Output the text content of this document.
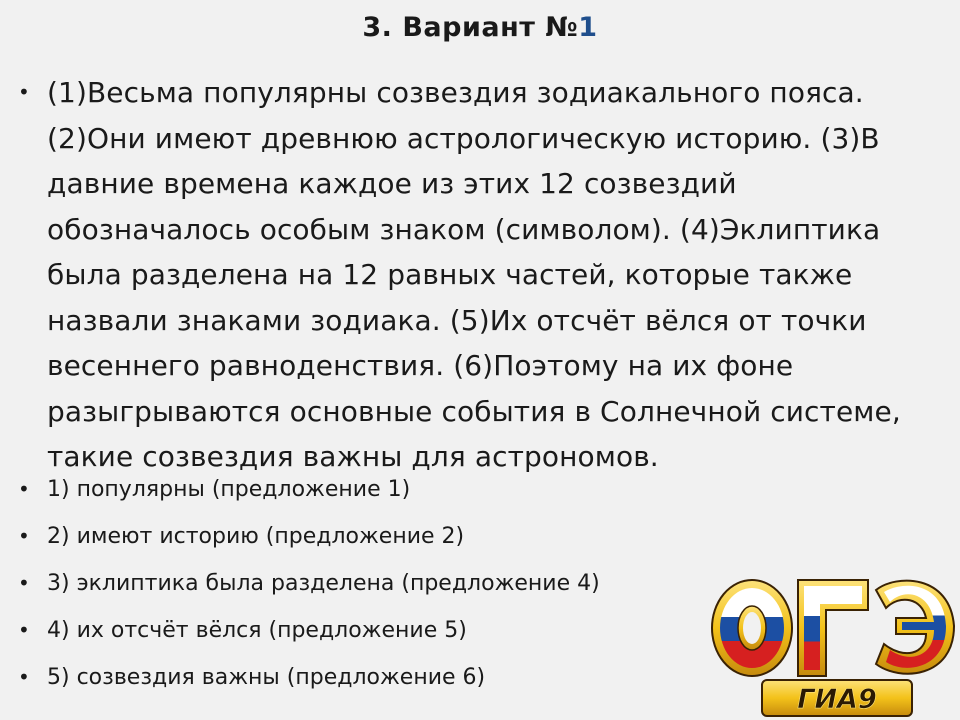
3. Вариант №1
• (1)Весьма популярны созвездия зодиакального пояса. (2)Они имеют древнюю астрологическую историю. (3)В давние времена каждое из этих 12 созвездий обозначалось особым знаком (символом). (4)Эклиптика была разделена на 12 равных частей, которые также назвали знаками зодиака. (5)Их отсчёт вёлся от точки весеннего равноденствия. (6)Поэтому на их фоне разыгрываются основные события в Солнечной системе, такие созвездия важны для астрономов.
• 1) популярны (предложение 1)
• 2) имеют историю (предложение 2)
• 3) эклиптика была разделена (предложение 4)
• 4) их отсчёт вёлся (предложение 5)
• 5) созвездия важны (предложение 6)
ГИА9
